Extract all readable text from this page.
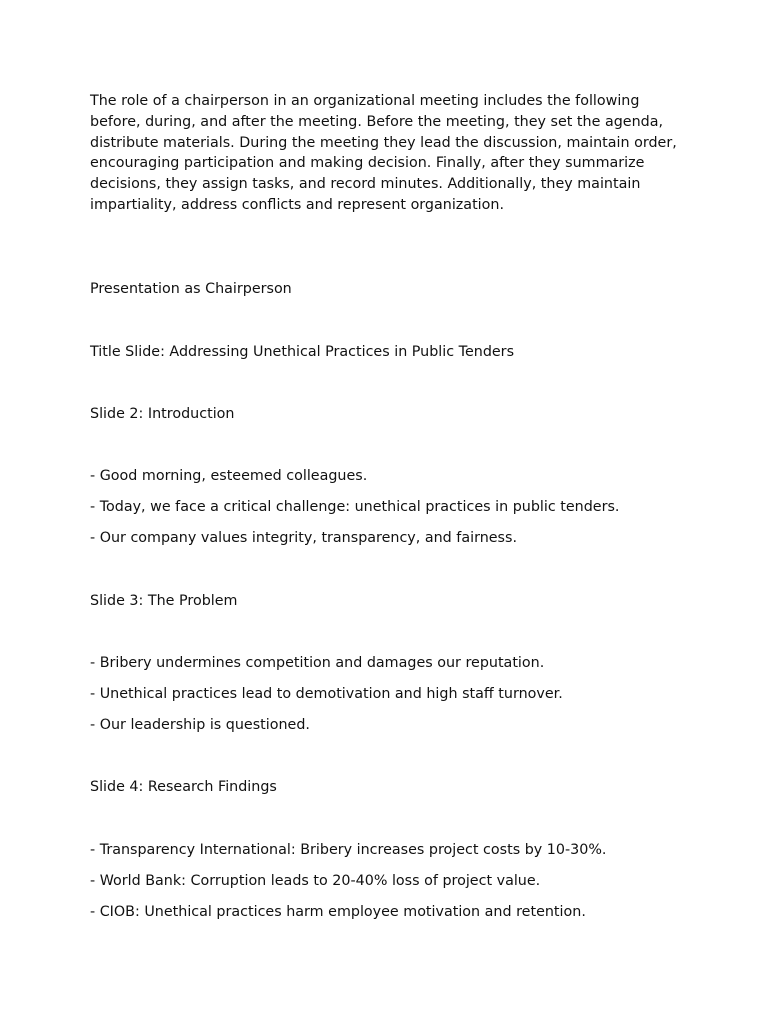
The role of a chairperson in an organizational meeting includes the following before, during, and after the meeting. Before the meeting, they set the agenda, distribute materials. During the meeting they lead the discussion, maintain order, encouraging participation and making decision. Finally, after they summarize decisions, they assign tasks, and record minutes. Additionally, they maintain impartiality, address conflicts and represent organization.

Presentation as Chairperson

Title Slide: Addressing Unethical Practices in Public Tenders

Slide 2: Introduction

- Good morning, esteemed colleagues.

- Today, we face a critical challenge: unethical practices in public tenders.

- Our company values integrity, transparency, and fairness.

Slide 3: The Problem

- Bribery undermines competition and damages our reputation.

- Unethical practices lead to demotivation and high staff turnover.

- Our leadership is questioned.

Slide 4: Research Findings

- Transparency International: Bribery increases project costs by 10-30%.

- World Bank: Corruption leads to 20-40% loss of project value.

- CIOB: Unethical practices harm employee motivation and retention.
